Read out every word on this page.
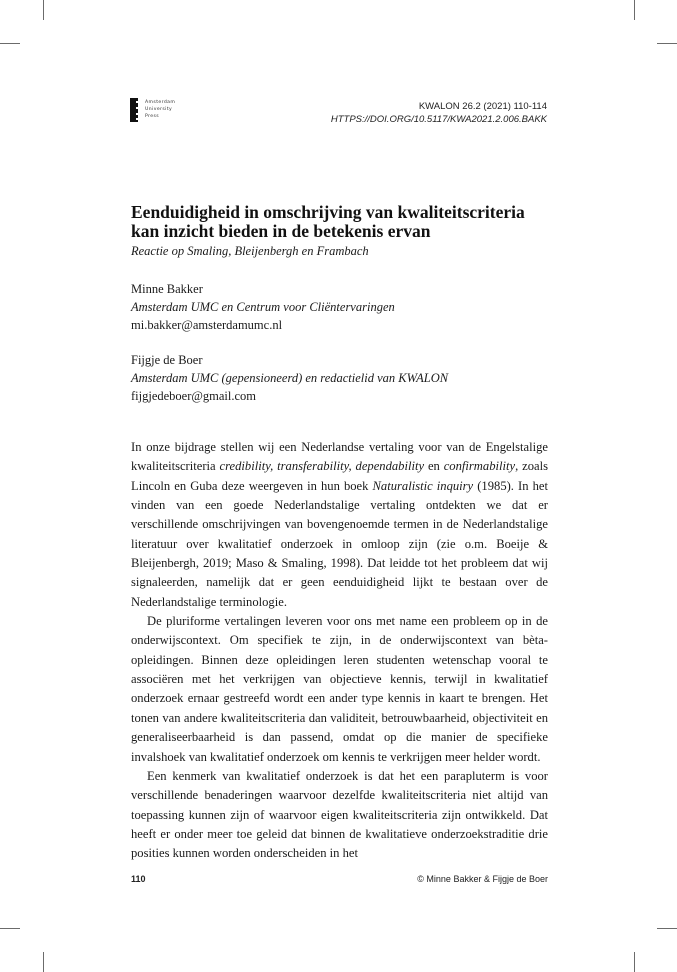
Amsterdam
University
Press
KWALON 26.2 (2021) 110-114
HTTPS://DOI.ORG/10.5117/KWA2021.2.006.BAKK
Eenduidigheid in omschrijving van kwaliteitscriteria kan inzicht bieden in de betekenis ervan

Reactie op Smaling, Bleijenbergh en Frambach

Minne Bakker
Amsterdam UMC en Centrum voor Cliëntervaringen
mi.bakker@amsterdamumc.nl
Fijgje de Boer
Amsterdam UMC (gepensioneerd) en redactielid van KWALON
fijgjedeboer@gmail.com

In onze bijdrage stellen wij een Nederlandse vertaling voor van de Engelstalige kwaliteitscriteria credibility, transferability, dependability en confirmability, zoals Lincoln en Guba deze weergeven in hun boek Naturalistic inquiry (1985). In het vinden van een goede Nederlandstalige vertaling ontdekten we dat er verschillende omschrijvingen van bovengenoemde termen in de Nederlandstalige literatuur over kwalitatief onderzoek in omloop zijn (zie o.m. Boeije & Bleijenbergh, 2019; Maso & Smaling, 1998). Dat leidde tot het probleem dat wij signaleerden, namelijk dat er geen eenduidigheid lijkt te bestaan over de Nederlandstalige terminologie.

De pluriforme vertalingen leveren voor ons met name een probleem op in de onderwijscontext. Om specifiek te zijn, in de onderwijscontext van bèta-opleidingen. Binnen deze opleidingen leren studenten wetenschap vooral te associëren met het verkrijgen van objectieve kennis, terwijl in kwalitatief onderzoek ernaar gestreefd wordt een ander type kennis in kaart te brengen. Het tonen van andere kwaliteitscriteria dan validiteit, betrouwbaarheid, objectiviteit en generaliseerbaarheid is dan passend, omdat op die manier de specifieke invalshoek van kwalitatief onderzoek om kennis te verkrijgen meer helder wordt.

Een kenmerk van kwalitatief onderzoek is dat het een parapluterm is voor verschillende benaderingen waarvoor dezelfde kwaliteitscriteria niet altijd van toepassing kunnen zijn of waarvoor eigen kwaliteitscriteria zijn ontwikkeld. Dat heeft er onder meer toe geleid dat binnen de kwalitatieve onderzoekstraditie drie posities kunnen worden onderscheiden in het

110	© Minne Bakker & Fijgje de Boer
